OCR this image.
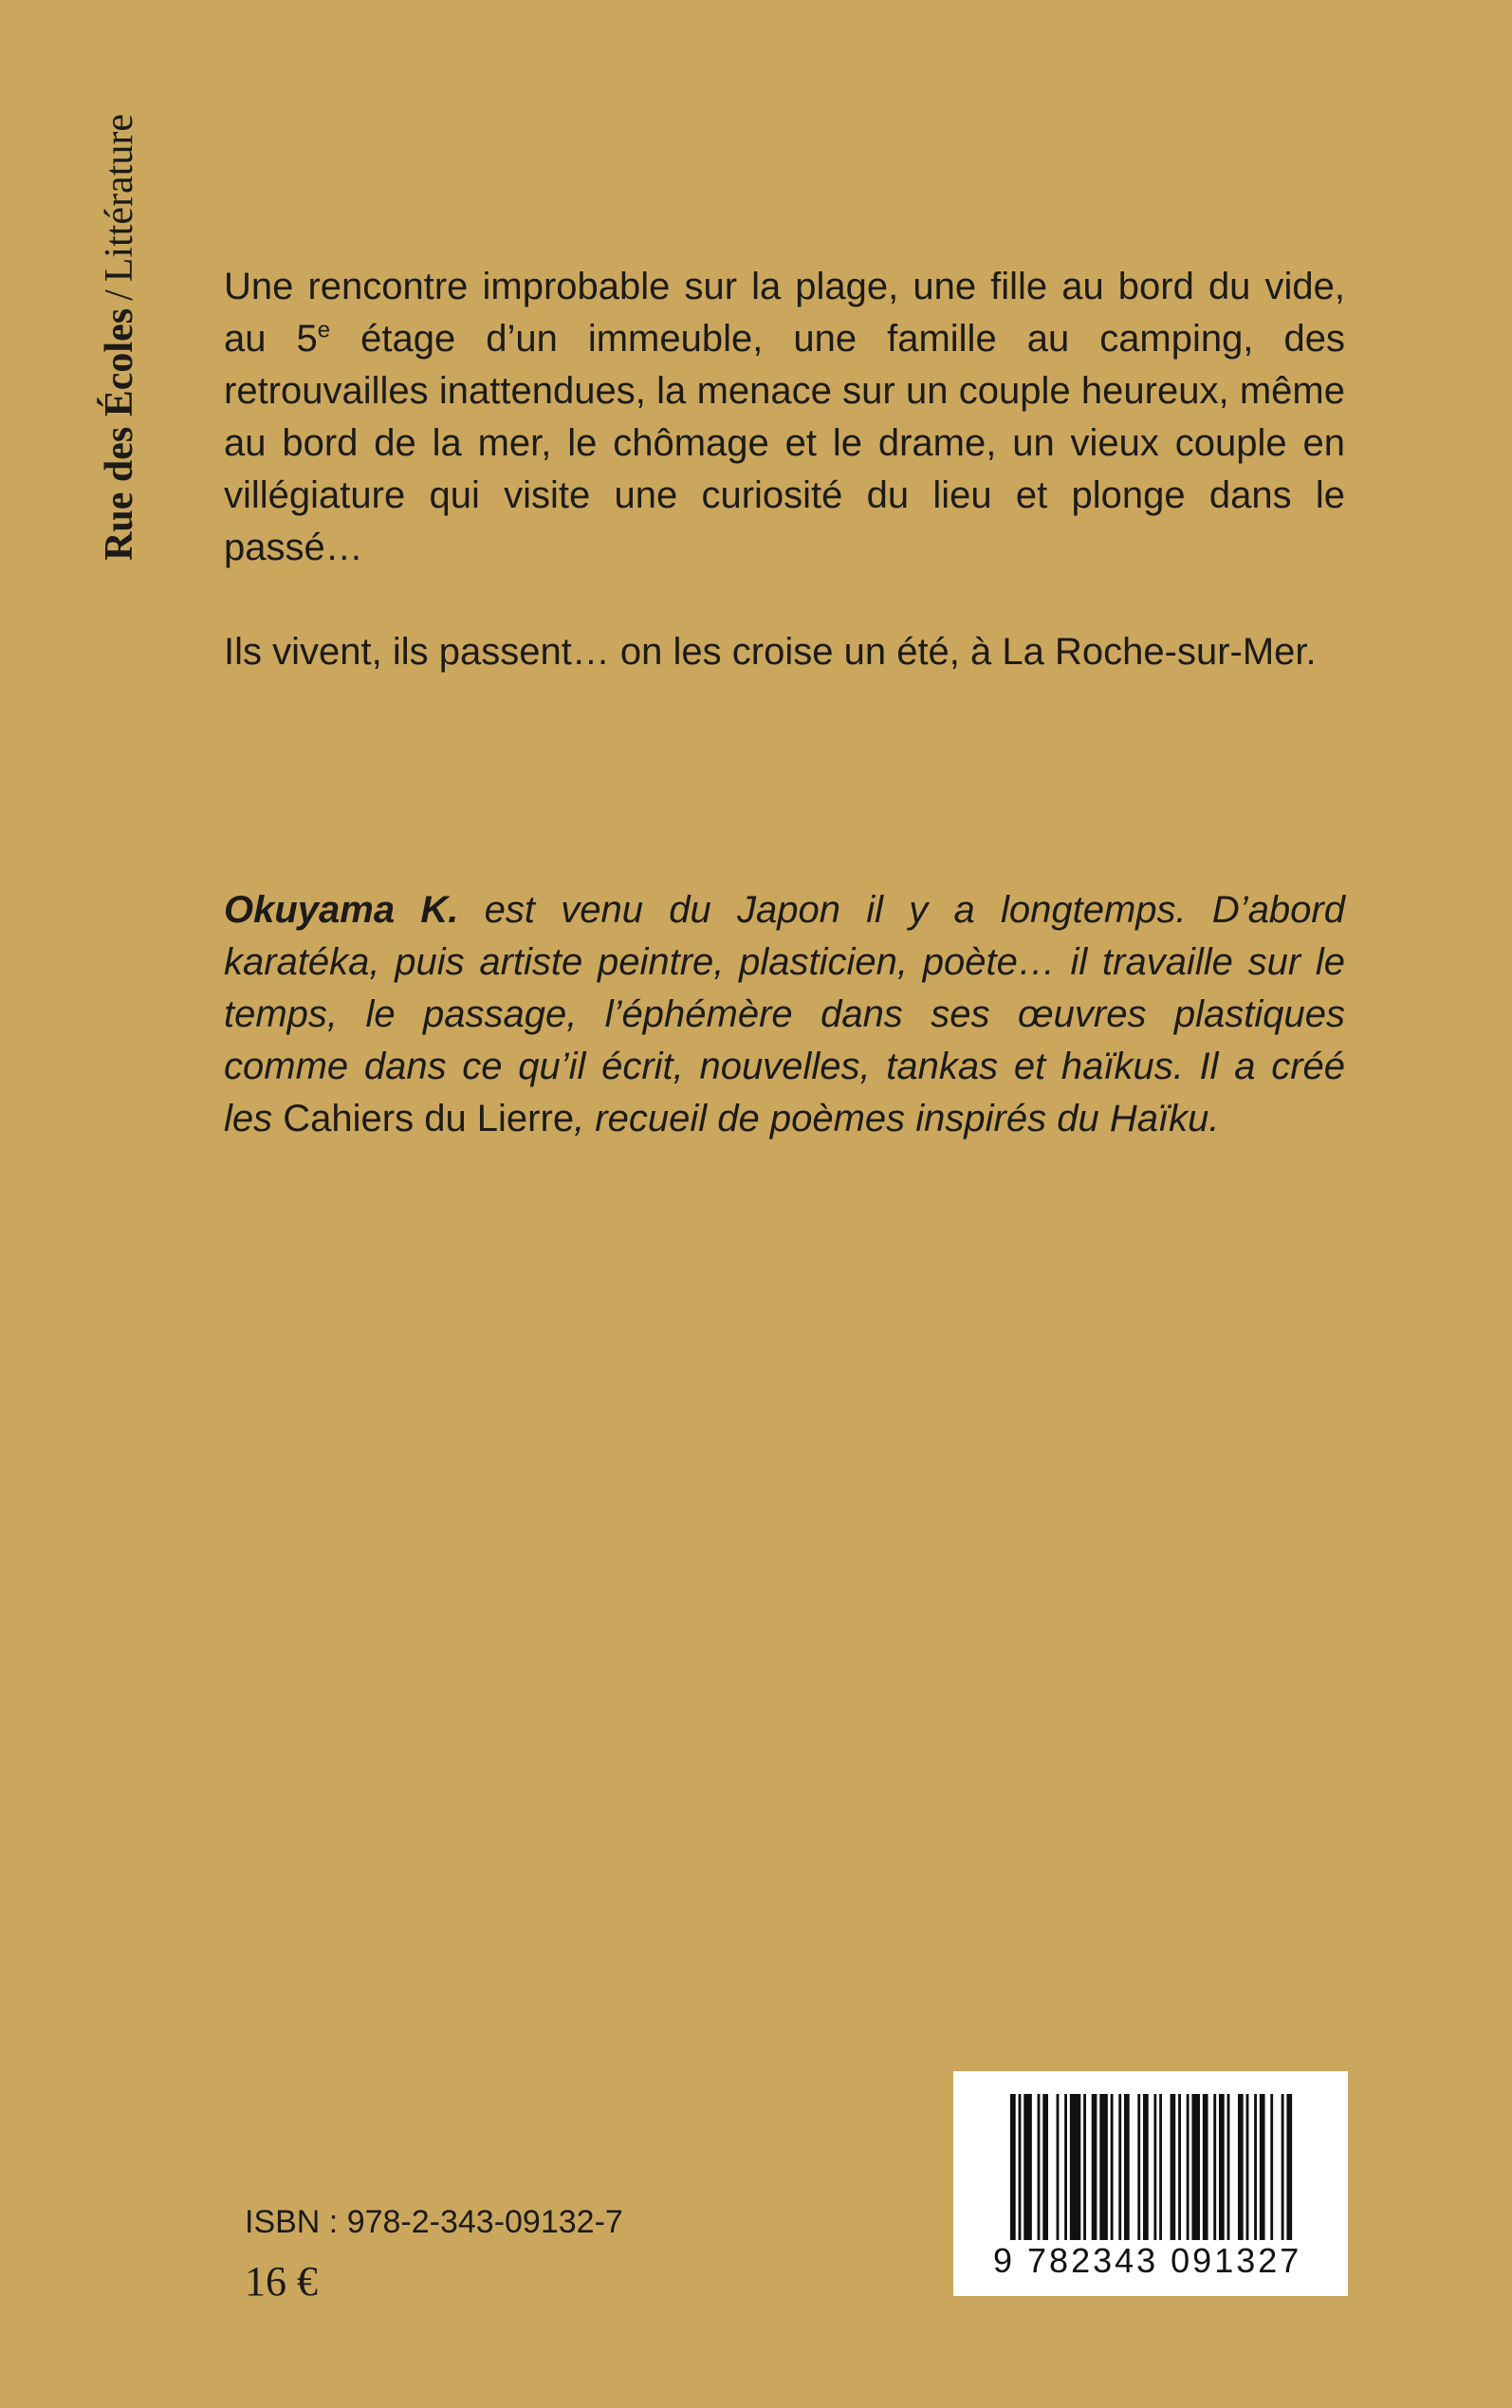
Rue des Écoles/Littérature

Une rencontre improbable sur la plage, une fille au bord du vide, au 5e étage d’un immeuble, une famille au camping, des retrouvailles inattendues, la menace sur un couple heureux, même au bord de la mer, le chômage et le drame, un vieux couple en villégiature qui visite une curiosité du lieu et plonge dans le passé…

Ils vivent, ils passent… on les croise un été, à La Roche-sur-Mer.

Okuyama K. est venu du Japon il y a longtemps. D’abord karatéka, puis artiste peintre, plasticien, poète… il travaille sur le temps, le passage, l’éphémère dans ses œuvres plastiques comme dans ce qu’il écrit, nouvelles, tankas et haïkus. Il a créé les Cahiers du Lierre, recueil de poèmes inspirés du Haïku.

ISBN : 978-2-343-09132-7
16 €	9 782343 091327
